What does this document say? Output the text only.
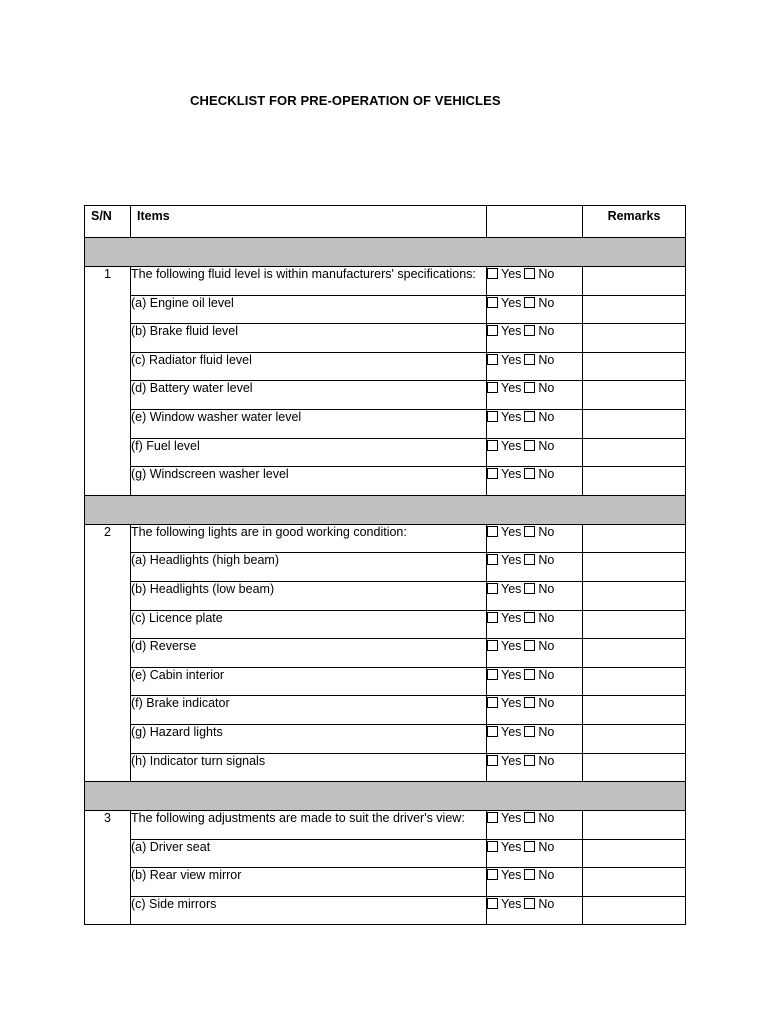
CHECKLIST FOR PRE-OPERATION OF VEHICLES
S/N	Items		Remarks

1	The following fluid level is within manufacturers' specifications:	Yes No	
	(a) Engine oil level	Yes No	
	(b) Brake fluid level	Yes No	
	(c) Radiator fluid level	Yes No	
	(d) Battery water level	Yes No	
	(e) Window washer water level	Yes No	
	(f) Fuel level	Yes No	
	(g) Windscreen washer level	Yes No	

2	The following lights are in good working condition:	Yes No	
	(a) Headlights (high beam)	Yes No	
	(b) Headlights (low beam)	Yes No	
	(c) Licence plate	Yes No	
	(d) Reverse	Yes No	
	(e) Cabin interior	Yes No	
	(f) Brake indicator	Yes No	
	(g) Hazard lights	Yes No	
	(h) Indicator turn signals	Yes No	

3	The following adjustments are made to suit the driver's view:	Yes No	
	(a) Driver seat	Yes No	
	(b) Rear view mirror	Yes No	
	(c) Side mirrors	Yes No	
